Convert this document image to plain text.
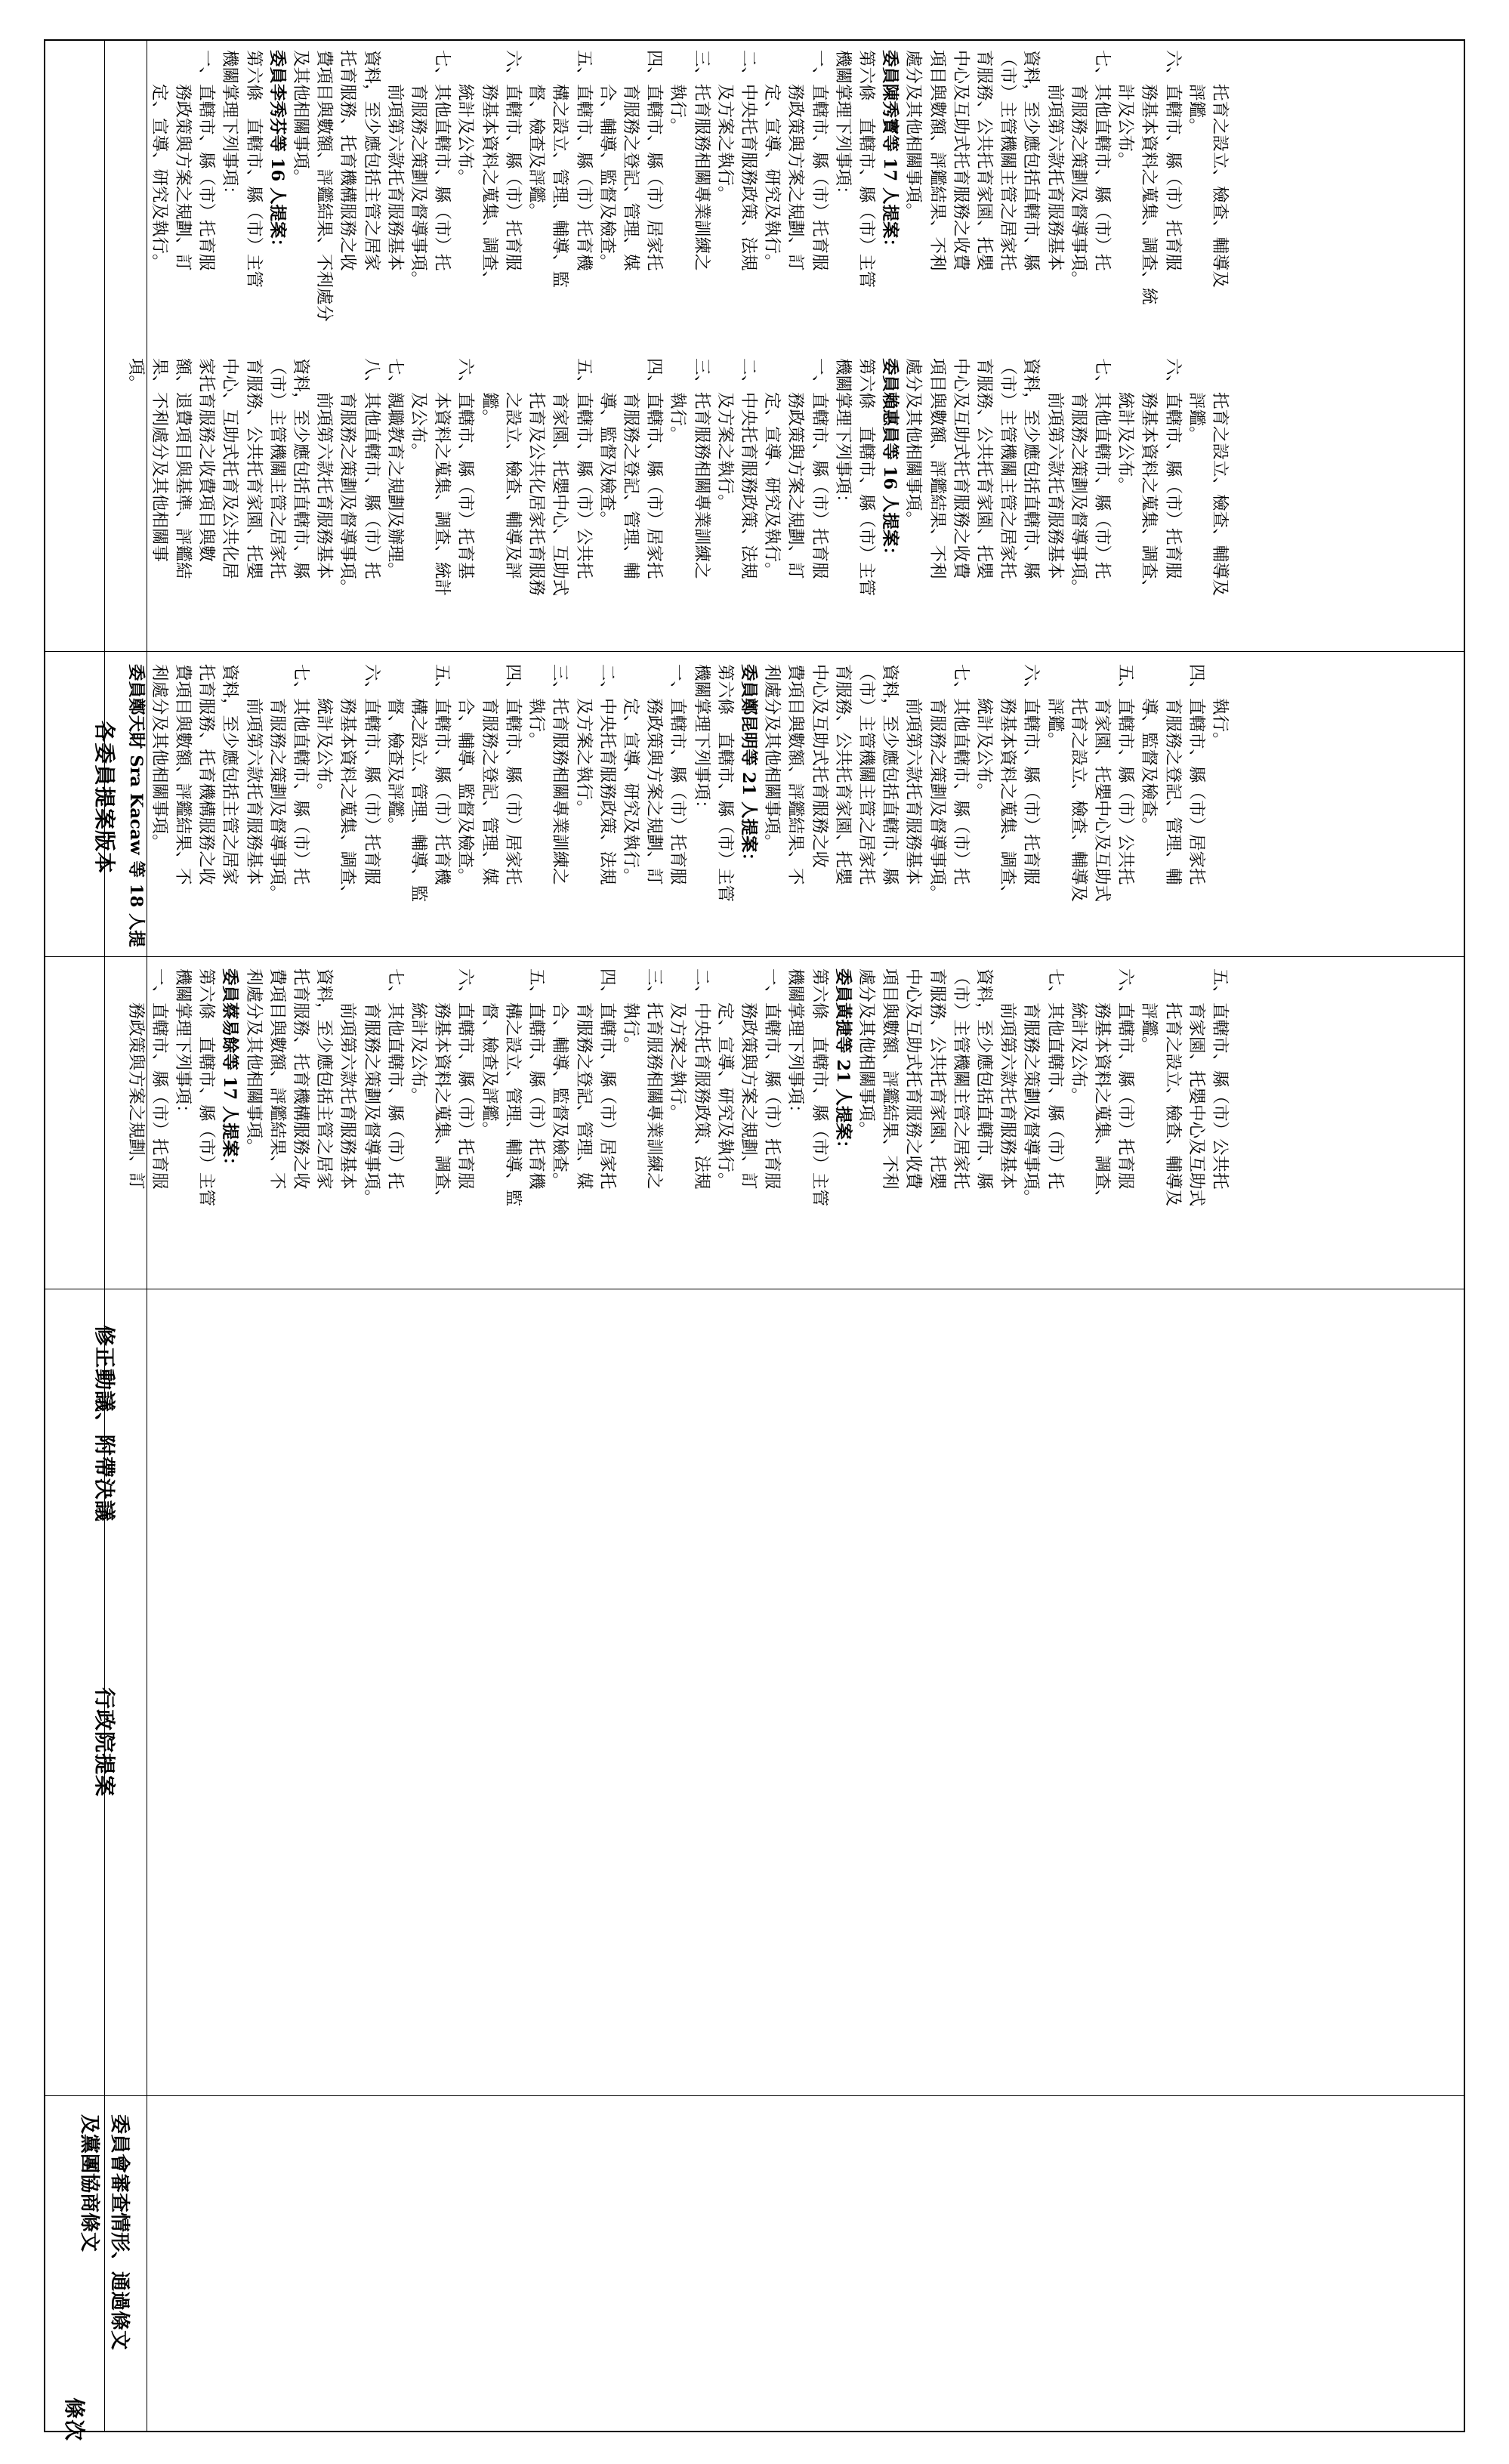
條次
委員會審查情形、通過條文
及黨團協商條文
行政院提案
修正動議、附帶決議
各委員提案版本
五、直轄市、縣（市）公共托
　　育家園、托嬰中心及互助式
　　托育之設立、檢查、輔導及
　　評鑑。
六、直轄市、縣（市）托育服
　　務基本資料之蒐集、調查、
　　統計及公布。
七、其他直轄市、縣（市）托
　　育服務之策劃及督導事項。
　　前項第六款托育服務基本
資料，至少應包括直轄市、縣
（市）主管機關主管之居家托
育服務、公共托育家園、托嬰
中心及互助式托育服務之收費
項目與數額、評鑑結果、不利
處分及其他相關事項。
委員黃捷等 21 人提案：
第六條　直轄市、縣（市）主管
機關掌理下列事項：
一、直轄市、縣（市）托育服
　　務政策與方案之規劃、訂
　　定、宣導、研究及執行。
二、中央托育服務政策、法規
　　及方案之執行。
三、托育服務相關專業訓練之
　　執行。
四、直轄市、縣（市）居家托
　　育服務之登記、管理、媒
　　合、輔導、監督及檢查。
五、直轄市、縣（市）托育機
　　構之設立、管理、輔導、監
　　督、檢查及評鑑。
六、直轄市、縣（市）托育服
　　務基本資料之蒐集、調查、
　　統計及公布。
七、其他直轄市、縣（市）托
　　育服務之策劃及督導事項。
　　前項第六款托育服務基本
資料，至少應包括主管之居家
托育服務、托育機構服務之收
費項目與數額、評鑑結果、不
利處分及其他相關事項。
委員蔡易餘等 17 人提案：
第六條　直轄市、縣（市）主管
機關掌理下列事項：
一、直轄市、縣（市）托育服
　　務政策與方案之規劃、訂
　　執行。
四、直轄市、縣（市）居家托
　　育服務之登記、管理、輔
　　導、監督及檢查。
五、直轄市、縣（市）公共托
　　育家園、托嬰中心及互助式
　　托育之設立、檢查、輔導及
　　評鑑。
六、直轄市、縣（市）托育服
　　務基本資料之蒐集、調查、
　　統計及公布。
七、其他直轄市、縣（市）托
　　育服務之策劃及督導事項。
　　前項第六款托育服務基本
資料，至少應包括直轄市、縣
（市）主管機關主管之居家托
育服務、公共托育家園、托嬰
中心及互助式托育服務之收
費項目與數額、評鑑結果、不
利處分及其他相關事項。
委員鄭昆明等 21 人提案：
第六條　直轄市、縣（市）主管
機關掌理下列事項：
一、直轄市、縣（市）托育服
　　務政策與方案之規劃、訂
　　定、宣導、研究及執行。
二、中央托育服務政策、法規
　　及方案之執行。
三、托育服務相關專業訓練之
　　執行。
四、直轄市、縣（市）居家托
　　育服務之登記、管理、媒
　　合、輔導、監督及檢查。
五、直轄市、縣（市）托育機
　　構之設立、管理、輔導、監
　　督、檢查及評鑑。
六、直轄市、縣（市）托育服
　　務基本資料之蒐集、調查、
　　統計及公布。
七、其他直轄市、縣（市）托
　　育服務之策劃及督導事項。
　　前項第六款托育服務基本
資料，至少應包括主管之居家
托育服務、托育機構服務之收
費項目與數額、評鑑結果、不
利處分及其他相關事項。
委員鄭天財 Sra Kacaw 等 18 人提
　　托育之設立、檢查、輔導及
　　評鑑。
六、直轄市、縣（市）托育服
　　務基本資料之蒐集、調查、
　　統計及公布。
七、其他直轄市、縣（市）托
　　育服務之策劃及督導事項。
　　前項第六款托育服務基本
資料，至少應包括直轄市、縣
（市）主管機關主管之居家托
育服務、公共托育家園、托嬰
中心及互助式托育服務之收費
項目與數額、評鑑結果、不利
處分及其他相關事項。
委員賴惠員等 16 人提案：
第六條　直轄市、縣（市）主管
機關掌理下列事項：
一、直轄市、縣（市）托育服
　　務政策與方案之規劃、訂
　　定、宣導、研究及執行。
二、中央托育服務政策、法規
　　及方案之執行。
三、托育服務相關專業訓練之
　　執行。
四、直轄市、縣（市）居家托
　　育服務之登記、管理、輔
　　導、監督及檢查。
五、直轄市、縣（市）公共托
　　育家園、托嬰中心、互助式
　　托育及公共化居家托育服務
　　之設立、檢查、輔導及評
　　鑑。
六、直轄市、縣（市）托育基
　　本資料之蒐集、調查、統計
　　及公布。
七、親職教育之規劃及辦理。
八、其他直轄市、縣（市）托
　　育服務之策劃及督導事項。
　　前項第六款托育服務基本
資料，至少應包括直轄市、縣
（市）主管機關主管之居家托
育服務、公共托育家園、托嬰
中心、互助式托育及公共化居
家托育服務之收費項目與數
額、退費項目與基準、評鑑結
果、不利處分及其他相關事
項。
　　托育之設立、檢查、輔導及
　　評鑑。
六、直轄市、縣（市）托育服
　　務基本資料之蒐集、調查、統
　　計及公布。
七、其他直轄市、縣（市）托
　　育服務之策劃及督導事項。
　　前項第六款托育服務基本
資料，至少應包括直轄市、縣
（市）主管機關主管之居家托
育服務、公共托育家園、托嬰
中心及互助式托育服務之收費
項目與數額、評鑑結果、不利
處分及其他相關事項。
委員陳秀寳等 17 人提案：
第六條　直轄市、縣（市）主管
機關掌理下列事項：
一、直轄市、縣（市）托育服
　　務政策與方案之規劃、訂
　　定、宣導、研究及執行。
二、中央托育服務政策、法規
　　及方案之執行。
三、托育服務相關專業訓練之
　　執行。
四、直轄市、縣（市）居家托
　　育服務之登記、管理、媒
　　合、輔導、監督及檢查。
五、直轄市、縣（市）托育機
　　構之設立、管理、輔導、監
　　督、檢查及評鑑。
六、直轄市、縣（市）托育服
　　務基本資料之蒐集、調查、
　　統計及公布。
七、其他直轄市、縣（市）托
　　育服務之策劃及督導事項。
　　前項第六款托育服務基本
資料，至少應包括主管之居家
托育服務、托育機構服務之收
費項目與數額、評鑑結果、不利處分
及其他相關事項。
委員李秀芬等 16 人提案：
第六條　直轄市、縣（市）主管
機關掌理下列事項：
一、直轄市、縣（市）托育服
　　務政策與方案之規劃、訂
　　定、宣導、研究及執行。
